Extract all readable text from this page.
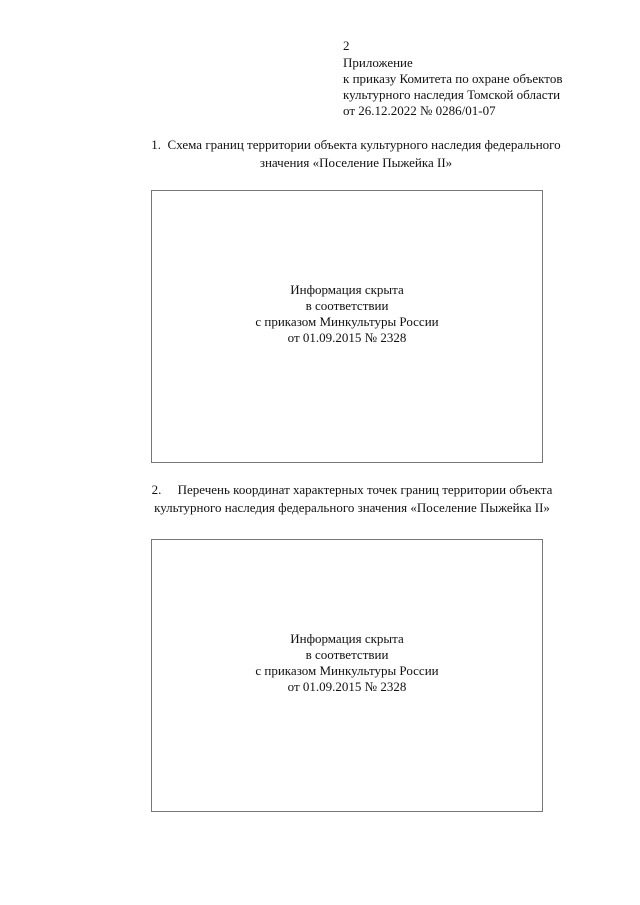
2
Приложение
к приказу Комитета по охране объектов
культурного наследия Томской области
от 26.12.2022 № 0286/01-07
1. Схема границ территории объекта культурного наследия федерального
значения «Поселение Пыжейка II»
Информация скрыта
в соответствии
с приказом Минкультуры России
от 01.09.2015 № 2328
2. Перечень координат характерных точек границ территории объекта
культурного наследия федерального значения «Поселение Пыжейка II»
Информация скрыта
в соответствии
с приказом Минкультуры России
от 01.09.2015 № 2328
